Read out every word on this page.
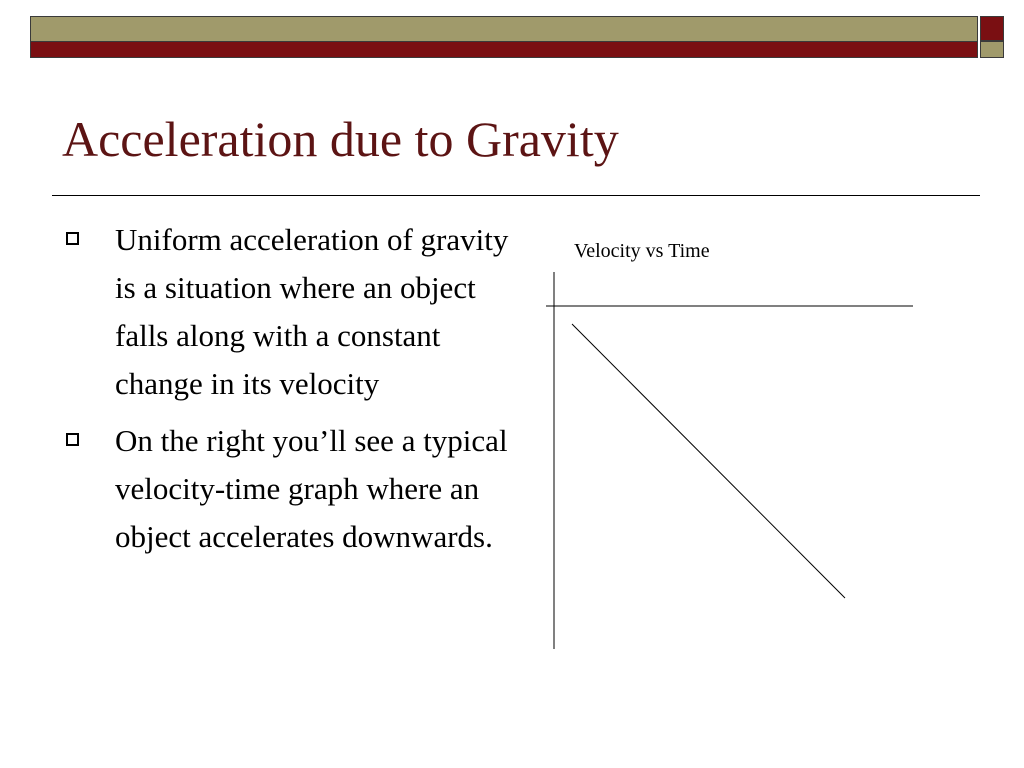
Acceleration due to Gravity
Uniform acceleration of gravity is a situation where an object falls along with a constant change in its velocity
On the right you’ll see a typical velocity-time graph where an object accelerates downwards.
Velocity vs Time
